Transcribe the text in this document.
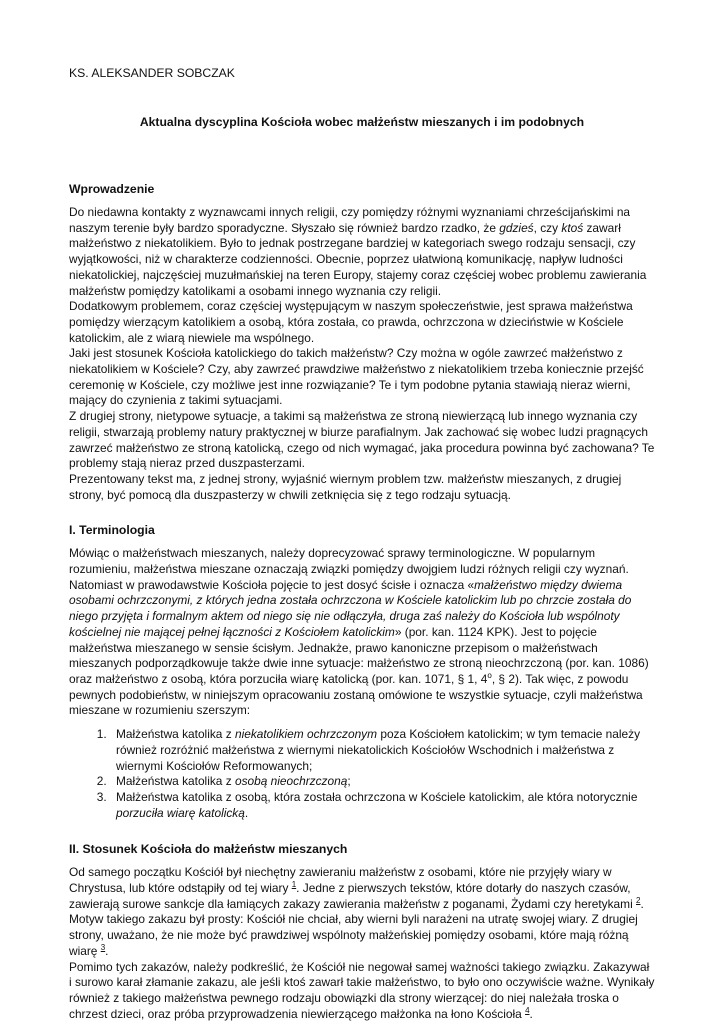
KS. ALEKSANDER SOBCZAK

Aktualna dyscyplina Kościoła wobec małżeństw mieszanych i im podobnych

Wprowadzenie

Do niedawna kontakty z wyznawcami innych religii, czy pomiędzy różnymi wyznaniami chrześcijańskimi na naszym terenie były bardzo sporadyczne. Słyszało się również bardzo rzadko, że gdzieś, czy ktoś zawarł małżeństwo z niekatolikiem. Było to jednak postrzegane bardziej w kategoriach swego rodzaju sensacji, czy wyjątkowości, niż w charakterze codzienności. Obecnie, poprzez ułatwioną komunikację, napływ ludności niekatolickiej, najczęściej muzułmańskiej na teren Europy, stajemy coraz częściej wobec problemu zawierania małżeństw pomiędzy katolikami a osobami innego wyznania czy religii.

Dodatkowym problemem, coraz częściej występującym w naszym społeczeństwie, jest sprawa małżeństwa pomiędzy wierzącym katolikiem a osobą, która została, co prawda, ochrzczona w dzieciństwie w Kościele katolickim, ale z wiarą niewiele ma wspólnego.

Jaki jest stosunek Kościoła katolickiego do takich małżeństw? Czy można w ogóle zawrzeć małżeństwo z niekatolikiem w Kościele? Czy, aby zawrzeć prawdziwe małżeństwo z niekatolikiem trzeba koniecznie przejść ceremonię w Kościele, czy możliwe jest inne rozwiązanie? Te i tym podobne pytania stawiają nieraz wierni, mający do czynienia z takimi sytuacjami.

Z drugiej strony, nietypowe sytuacje, a takimi są małżeństwa ze stroną niewierzącą lub innego wyznania czy religii, stwarzają problemy natury praktycznej w biurze parafialnym. Jak zachować się wobec ludzi pragnących zawrzeć małżeństwo ze stroną katolicką, czego od nich wymagać, jaka procedura powinna być zachowana? Te problemy stają nieraz przed duszpasterzami.

Prezentowany tekst ma, z jednej strony, wyjaśnić wiernym problem tzw. małżeństw mieszanych, z drugiej strony, być pomocą dla duszpasterzy w chwili zetknięcia się z tego rodzaju sytuacją.

I. Terminologia

Mówiąc o małżeństwach mieszanych, należy doprecyzować sprawy terminologiczne. W popularnym rozumieniu, małżeństwa mieszane oznaczają związki pomiędzy dwojgiem ludzi różnych religii czy wyznań. Natomiast w prawodawstwie Kościoła pojęcie to jest dosyć ścisłe i oznacza «małżeństwo między dwiema osobami ochrzczonymi, z których jedna została ochrzczona w Kościele katolickim lub po chrzcie została do niego przyjęta i formalnym aktem od niego się nie odłączyła, druga zaś należy do Kościoła lub wspólnoty kościelnej nie mającej pełnej łączności z Kościołem katolickim» (por. kan. 1124 KPK). Jest to pojęcie małżeństwa mieszanego w sensie ścisłym. Jednakże, prawo kanoniczne przepisom o małżeństwach mieszanych podporządkowuje także dwie inne sytuacje: małżeństwo ze stroną nieochrzczoną (por. kan. 1086) oraz małżeństwo z osobą, która porzuciła wiarę katolicką (por. kan. 1071, § 1, 4$^o$, § 2). Tak więc, z powodu pewnych podobieństw, w niniejszym opracowaniu zostaną omówione te wszystkie sytuacje, czyli małżeństwa mieszane w rozumieniu szerszym:

1. Małżeństwa katolika z niekatolikiem ochrzczonym poza Kościołem katolickim; w tym temacie należy również rozróżnić małżeństwa z wiernymi niekatolickich Kościołów Wschodnich i małżeństwa z wiernymi Kościołów Reformowanych;
2. Małżeństwa katolika z osobą nieochrzczoną;
3. Małżeństwa katolika z osobą, która została ochrzczona w Kościele katolickim, ale która notorycznie porzuciła wiarę katolicką.
II. Stosunek Kościoła do małżeństw mieszanych

Od samego początku Kościół był niechętny zawieraniu małżeństw z osobami, które nie przyjęły wiary w Chrystusa, lub które odstąpiły od tej wiary $^1$. Jedne z pierwszych tekstów, które dotarły do naszych czasów, zawierają surowe sankcje dla łamiących zakazy zawierania małżeństw z poganami, Żydami czy heretykami $^2$. Motyw takiego zakazu był prosty: Kościół nie chciał, aby wierni byli narażeni na utratę swojej wiary. Z drugiej strony, uważano, że nie może być prawdziwej wspólnoty małżeńskiej pomiędzy osobami, które mają różną wiarę $^3$.

Pomimo tych zakazów, należy podkreślić, że Kościół nie negował samej ważności takiego związku. Zakazywał i surowo karał złamanie zakazu, ale jeśli ktoś zawarł takie małżeństwo, to było ono oczywiście ważne. Wynikały również z takiego małżeństwa pewnego rodzaju obowiązki dla strony wierzącej: do niej należała troska o chrzest dzieci, oraz próba przyprowadzenia niewierzącego małżonka na łono Kościoła $^4$.
